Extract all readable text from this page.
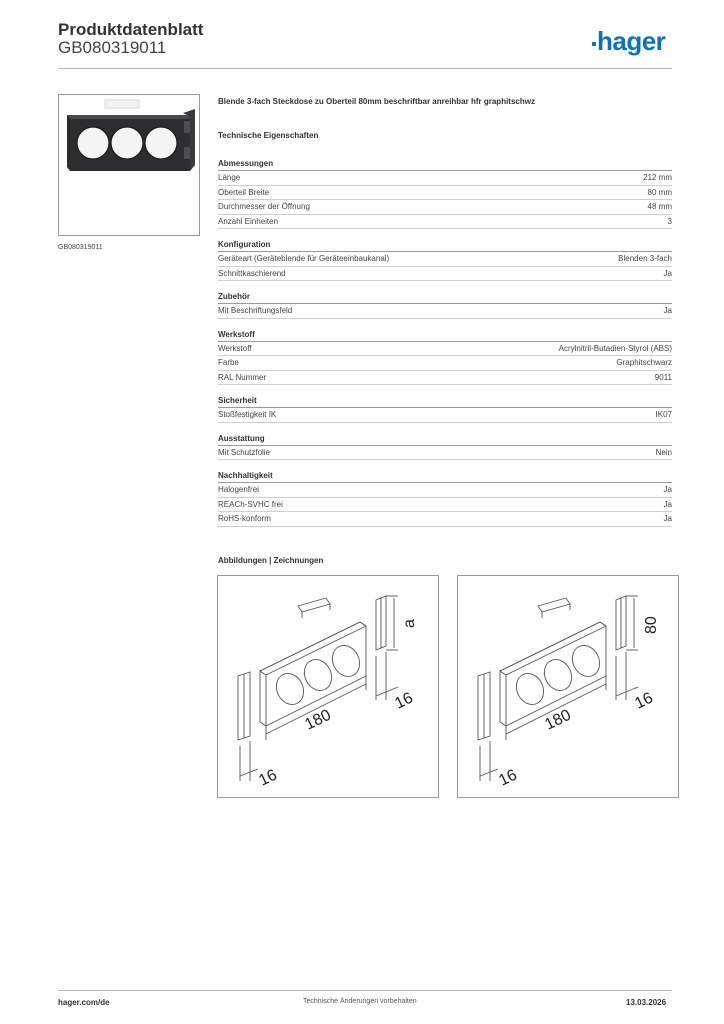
Produktdatenblatt
GB080319011	hager
GB080319011
Blende 3-fach Steckdose zu Oberteil 80mm beschriftbar anreihbar hfr graphitschwz
Technische Eigenschaften
Abmessungen
Länge	212 mm
Oberteil Breite	80 mm
Durchmesser der Öffnung	48 mm
Anzahl Einheiten	3
Konfiguration
Geräteart (Geräteblende für Geräteeinbaukanal)	Blenden 3-fach
Schnittkaschierend	Ja
Zubehör
Mit Beschriftungsfeld	Ja
Werkstoff
Werkstoff	Acrylnitril-Butadien-Styrol (ABS)
Farbe	Graphitschwarz
RAL Nummer	9011
Sicherheit
Stoßfestigkeit IK	IK07
Ausstattung
Mit Schutzfolie	Nein
Nachhaltigkeit
Halogenfrei	Ja
REACh-SVHC frei	Ja
RoHS-konform	Ja
Abbildungen | Zeichnungen
180
a
16
16
180
80
16
16
hager.com/de	Technische Änderungen vorbehalten	13.03.2026
